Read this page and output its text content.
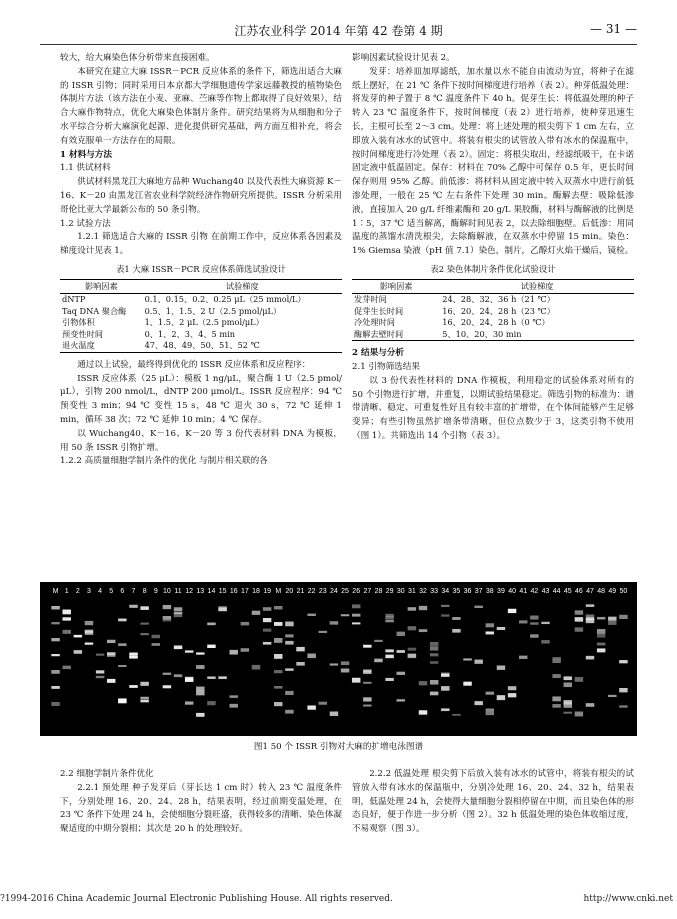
江苏农业科学 2014 年第 42 卷第 4 期	— 31 —

较大，给大麻染色体分析带来直接困难。

本研究在建立大麻 ISSR－PCR 反应体系的条件下，筛选出适合大麻的 ISSR 引物；同时采用日本京都大学细胞遗传学家远藤教授的植物染色体制片方法（该方法在小麦、亚麻、苎麻等作物上都取得了良好效果），结合大麻作物特点，优化大麻染色体制片条件。研究结果将为从细胞和分子水平综合分析大麻演化起源、进化提供研究基础，两方面互相补充，将会有效克服单一方法存在的局限。

1 材料与方法

1.1 供试材料

供试材料黑龙江大麻地方品种 Wuchang40 以及代表性大麻资源 K－16、K－20 由黑龙江省农业科学院经济作物研究所提供。ISSR 分析采用哥伦比亚大学最新公布的 50 条引物。

1.2 试验方法

1.2.1 筛选适合大麻的 ISSR 引物 在前期工作中，反应体系各因素及梯度设计见表 1。

表1 大麻 ISSR－PCR 反应体系筛选试验设计
影响因素	试验梯度
dNTP	0.1、0.15、0.2、0.25 μL（25 mmol/L）
Taq DNA 聚合酶	0.5、1、1.5、2 U（2.5 pmol/μL）
引物体积	1、1.5、2 μL（2.5 pmol/μL）
预变性时间	0、1、2、3、4、5 min
退火温度	47、48、49、50、51、52 ℃

通过以上试验，最终得到优化的 ISSR 反应体系和反应程序：

ISSR 反应体系（25 μL）：模板 1 ng/μL，聚合酶 1 U（2.5 pmol/μL），引物 200 nmol/L，dNTP 200 μmol/L。ISSR 反应程序：94 ℃ 预变性 3 min；94 ℃ 变性 15 s，48 ℃ 退火 30 s，72 ℃ 延伸 1 min，循环 38 次；72 ℃ 延伸 10 min；4 ℃ 保存。

以 Wuchang40、K－16、K－20 等 3 份代表材料 DNA 为模板，用 50 条 ISSR 引物扩增。

1.2.2 高质量细胞学制片条件的优化 与制片相关联的各

影响因素试验设计见表 2。

发芽：培养皿加厚滤纸，加水量以水不能自由流动为宜，将种子在滤纸上摆好，在 21 ℃ 条件下按时间梯度进行培养（表 2）。种芽低温处理：将发芽的种子置于 8 ℃ 温度条件下 40 h。促芽生长：将低温处理的种子转入 23 ℃ 温度条件下，按时间梯度（表 2）进行培养，使种芽迅速生长，主根可长至 2～3 cm。处理：将上述处理的根尖剪下 1 cm 左右，立即放入装有冰水的试管中。将装有根尖的试管放入带有冰水的保温瓶中，按时间梯度进行冷处理（表 2）。固定：将根尖取出，经滤纸吸干，在卡诺固定液中低温固定。保存：材料在 70% 乙醇中可保存 0.5 年，更长时间保存则用 95% 乙醇。前低渗：将材料从固定液中转入双蒸水中进行前低渗处理，一般在 25 ℃ 左右条件下处理 30 min。酶解去壁：吸除低渗液，直接加入 20 g/L 纤维素酶和 20 g/L 果胶酶，材料与酶解液的比例是 1∶5，37 ℃ 适当解离，酶解时间见表 2，以去除细胞壁。后低渗：用同温度的蒸馏水清洗根尖，去除酶解液，在双蒸水中停留 15 min。染色：1% Giemsa 染液（pH 值 7.1）染色，制片，乙醇灯火焰干燥后，镜检。

表2 染色体制片条件优化试验设计
影响因素	试验梯度
发芽时间	24、28、32、36 h（21 ℃）
促芽生长时间	16、20、24、28 h（23 ℃）
冷处理时间	16、20、24、28 h（0 ℃）
酶解去壁时间	5、10、20、30 min

2 结果与分析

2.1 引物筛选结果

以 3 份代表性材料的 DNA 作模板，利用稳定的试验体系对所有的 50 个引物进行扩增，并重复，以期试验结果稳定。筛选引物的标准为：谱带清晰、稳定、可重复性好且有较丰富的扩增带，在个体间能够产生足够变异；有些引物虽然扩增条带清晰，但位点数少于 3，这类引物不使用（图 1）。共筛选出 14 个引物（表 3）。

M 1 2 3 4 5 6 7 8 9 10 11 12 13 14 15 16 17 18 19 M 20 21 22 23 24 25 26 27 28 29 30 31 32 33 34 35 36 37 38 39 40 41 42 43 44 45 46 47 48 49 50
图1 50 个 ISSR 引物对大麻的扩增电泳图谱

2.2 细胞学制片条件优化

2.2.1 预处理 种子发芽后（芽长达 1 cm 时）转入 23 ℃ 温度条件下，分别处理 16、20、24、28 h，结果表明，经过前期变温处理，在 23 ℃ 条件下处理 24 h，会使细胞分裂旺盛，获得较多的清晰、染色体凝聚适度的中期分裂相；其次是 20 h 的处理较好。

2.2.2 低温处理 根尖剪下后放入装有冰水的试管中，将装有根尖的试管放入带有冰水的保温瓶中，分别冷处理 16、20、24、32 h，结果表明，低温处理 24 h，会使得大量细胞分裂相停留在中期，而且染色体的形态良好，便于作进一步分析（图 2）。32 h 低温处理的染色体收缩过度，不易观察（图 3）。

?1994-2016 China Academic Journal Electronic Publishing House. All rights reserved.	http://www.cnki.net
